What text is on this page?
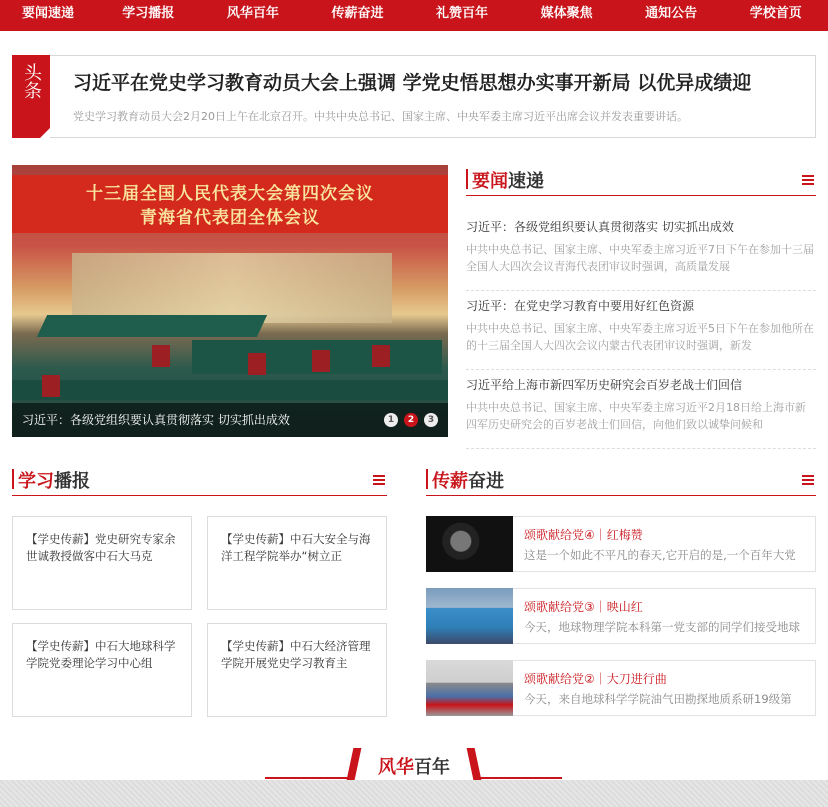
要闻速递	学习播报	风华百年	传薪奋进	礼赞百年	媒体聚焦	通知公告	学校首页
头条 习近平在党史学习教育动员大会上强调 学党史悟思想办实事开新局 以优异成绩迎
党史学习教育动员大会2月20日上午在北京召开。中共中央总书记、国家主席、中央军委主席习近平出席会议并发表重要讲话。
十三届全国人民代表大会第四次会议
青海省代表团全体会议
习近平：各级党组织要认真贯彻落实 切实抓出成效	1	2	3
要闻速递
习近平：各级党组织要认真贯彻落实 切实抓出成效
中共中央总书记、国家主席、中央军委主席习近平7日下午在参加十三届全国人大四次会议青海代表团审议时强调，高质量发展
习近平：在党史学习教育中要用好红色资源
中共中央总书记、国家主席、中央军委主席习近平5日下午在参加他所在的十三届全国人大四次会议内蒙古代表团审议时强调，新发
习近平给上海市新四军历史研究会百岁老战士们回信
中共中央总书记、国家主席、中央军委主席习近平2月18日给上海市新四军历史研究会的百岁老战士们回信，向他们致以诚挚问候和
学习播报
【学史传薪】党史研究专家余世诚教授做客中石大马克
【学史传薪】中石大安全与海洋工程学院举办“树立正
【学史传薪】中石大地球科学学院党委理论学习中心组
【学史传薪】中石大经济管理学院开展党史学习教育主
传薪奋进
颂歌献给党④｜红梅赞
这是一个如此不平凡的春天,它开启的是,一个百年大党
颂歌献给党③｜映山红
今天，地球物理学院本科第一党支部的同学们接受地球
颂歌献给党②｜大刀进行曲
今天，来自地球科学学院油气田勘探地质系研19级第
风华百年
